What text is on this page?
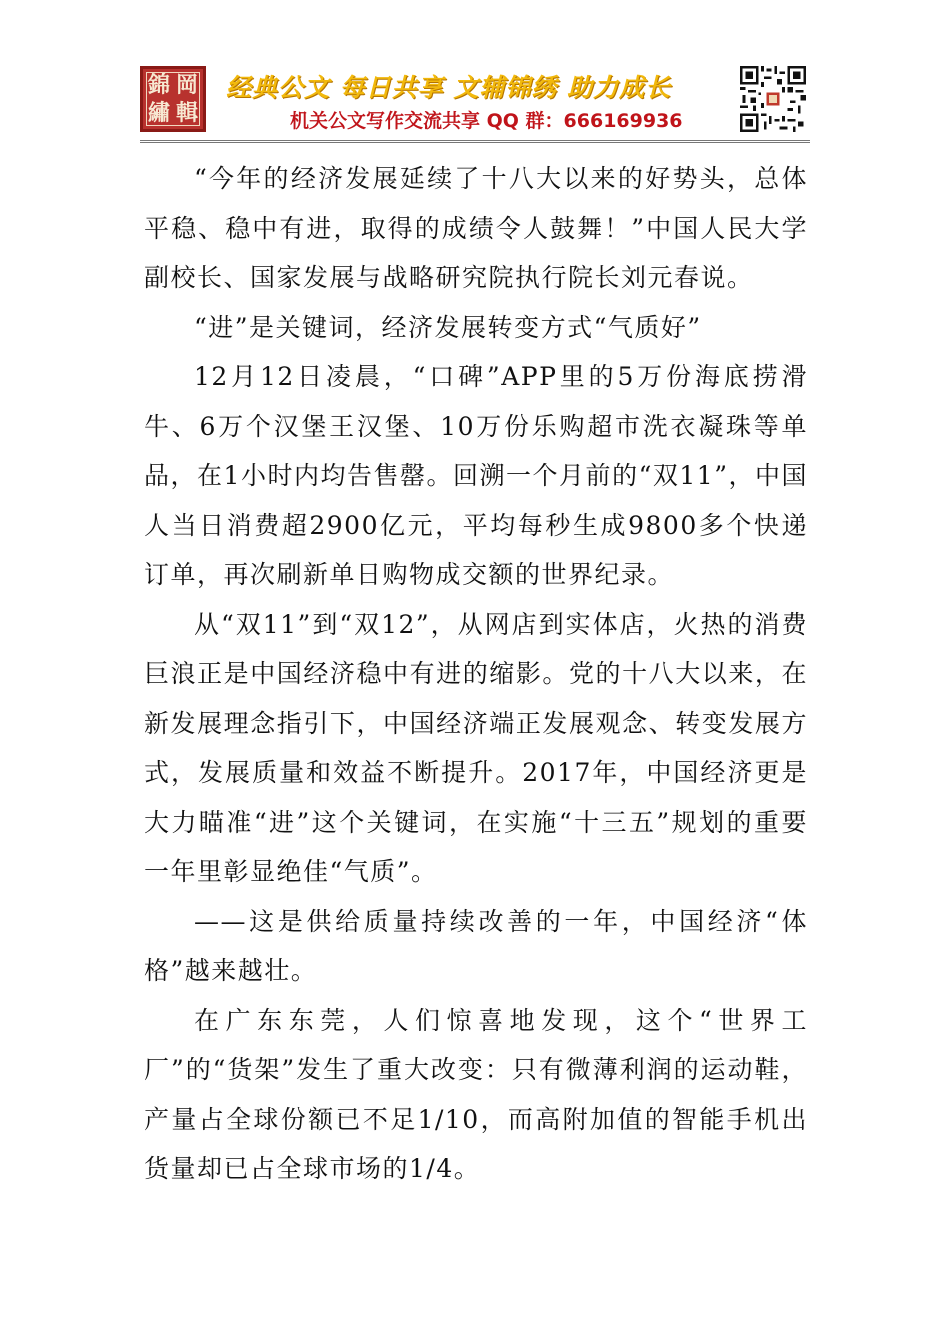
錦 岡
繡 輯
经典公文 每日共享 文辅锦绣 助力成长
机关公文写作交流共享 QQ 群：666169936

“今年的经济发展延续了十八大以来的好势头，总体平稳、稳中有进，取得的成绩令人鼓舞！”中国人民大学副校长、国家发展与战略研究院执行院长刘元春说。

“进”是关键词，经济发展转变方式“气质好”

12月12日凌晨，“口碑”APP里的5万份海底捞滑牛、6万个汉堡王汉堡、10万份乐购超市洗衣凝珠等单品，在1小时内均告售罄。回溯一个月前的“双11”，中国人当日消费超2900亿元，平均每秒生成9800多个快递订单，再次刷新单日购物成交额的世界纪录。

从“双11”到“双12”，从网店到实体店，火热的消费巨浪正是中国经济稳中有进的缩影。党的十八大以来，在新发展理念指引下，中国经济端正发展观念、转变发展方式，发展质量和效益不断提升。2017年，中国经济更是大力瞄准“进”这个关键词，在实施“十三五”规划的重要一年里彰显绝佳“气质”。

——这是供给质量持续改善的一年，中国经济“体格”越来越壮。

在广东东莞，人们惊喜地发现，这个“世界工厂”的“货架”发生了重大改变：只有微薄利润的运动鞋，产量占全球份额已不足1/10，而高附加值的智能手机出货量却已占全球市场的1/4。
